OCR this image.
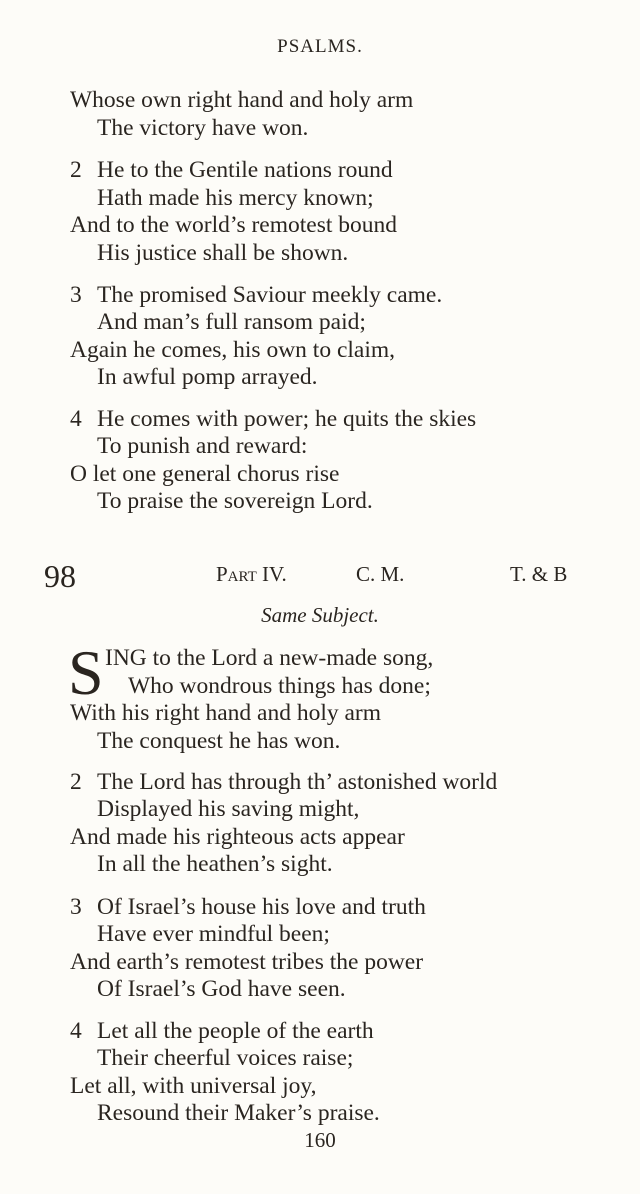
PSALMS.
Whose own right hand and holy arm
The victory have won.
2 He to the Gentile nations round
Hath made his mercy known;
And to the world’s remotest bound
His justice shall be shown.
3 The promised Saviour meekly came.
And man’s full ransom paid;
Again he comes, his own to claim,
In awful pomp arrayed.
4 He comes with power; he quits the skies
To punish and reward:
O let one general chorus rise
To praise the sovereign Lord.
98	Part IV.	C. M.	T. & B
Same Subject.
S ING to the Lord a new-made song,
Who wondrous things has done;
With his right hand and holy arm
The conquest he has won.
2 The Lord has through th’ astonished world
Displayed his saving might,
And made his righteous acts appear
In all the heathen’s sight.
3 Of Israel’s house his love and truth
Have ever mindful been;
And earth’s remotest tribes the power
Of Israel’s God have seen.
4 Let all the people of the earth
Their cheerful voices raise;
Let all, with universal joy,
Resound their Maker’s praise.
160
